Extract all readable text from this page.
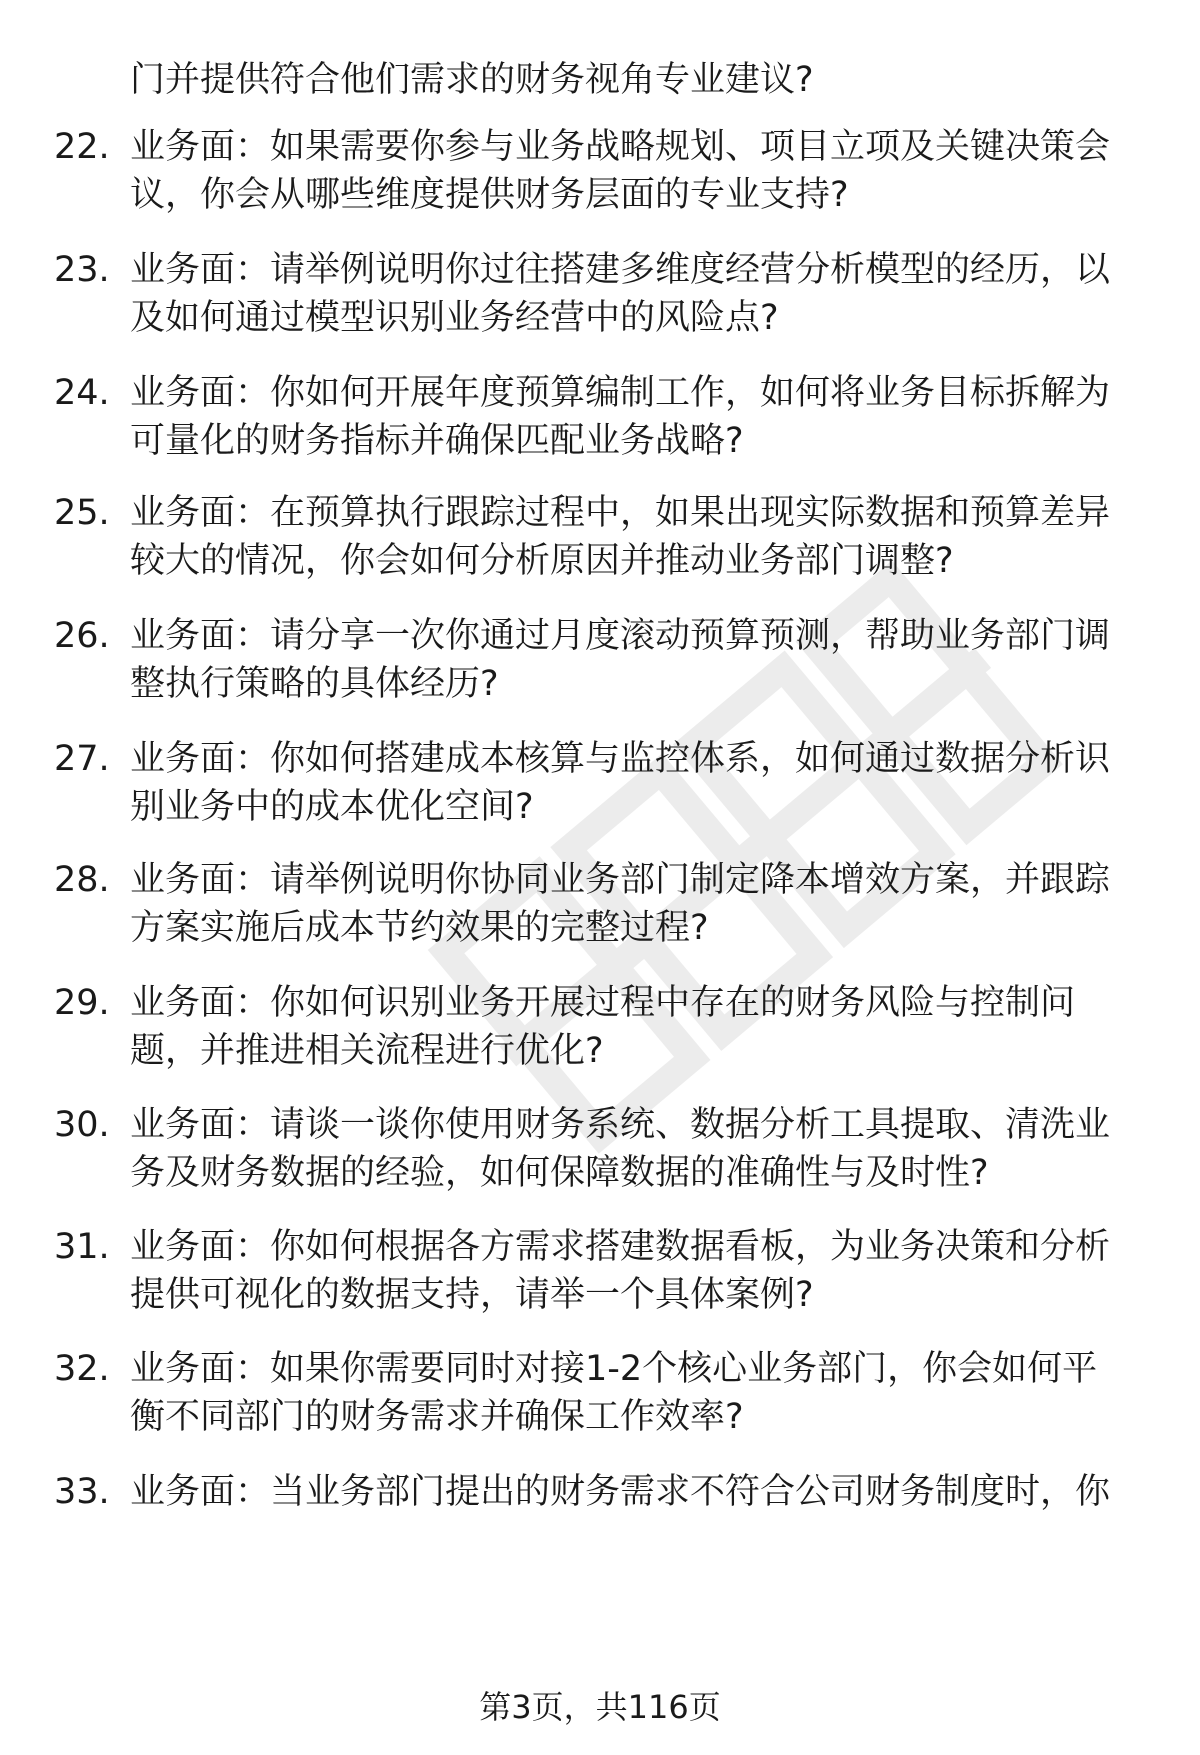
门并提供符合他们需求的财务视角专业建议?
22. 业务面：如果需要你参与业务战略规划、项目立项及关键决策会
议，你会从哪些维度提供财务层面的专业支持?
23. 业务面：请举例说明你过往搭建多维度经营分析模型的经历，以
及如何通过模型识别业务经营中的风险点?
24. 业务面：你如何开展年度预算编制工作，如何将业务目标拆解为
可量化的财务指标并确保匹配业务战略?
25. 业务面：在预算执行跟踪过程中，如果出现实际数据和预算差异
较大的情况，你会如何分析原因并推动业务部门调整?
26. 业务面：请分享一次你通过月度滚动预算预测，帮助业务部门调
整执行策略的具体经历?
27. 业务面：你如何搭建成本核算与监控体系，如何通过数据分析识
别业务中的成本优化空间?
28. 业务面：请举例说明你协同业务部门制定降本增效方案，并跟踪
方案实施后成本节约效果的完整过程?
29. 业务面：你如何识别业务开展过程中存在的财务风险与控制问
题，并推进相关流程进行优化?
30. 业务面：请谈一谈你使用财务系统、数据分析工具提取、清洗业
务及财务数据的经验，如何保障数据的准确性与及时性?
31. 业务面：你如何根据各方需求搭建数据看板，为业务决策和分析
提供可视化的数据支持，请举一个具体案例?
32. 业务面：如果你需要同时对接1-2个核心业务部门，你会如何平
衡不同部门的财务需求并确保工作效率?
33. 业务面：当业务部门提出的财务需求不符合公司财务制度时，你
第3页，共116页
